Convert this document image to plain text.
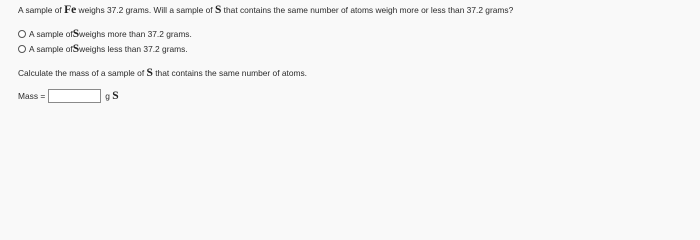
A sample of Fe weighs 37.2 grams. Will a sample of S that contains the same number of atoms weigh more or less than 37.2 grams?
A sample of S weighs more than 37.2 grams.
A sample of S weighs less than 37.2 grams.
Calculate the mass of a sample of S that contains the same number of atoms.
Mass =	g S
